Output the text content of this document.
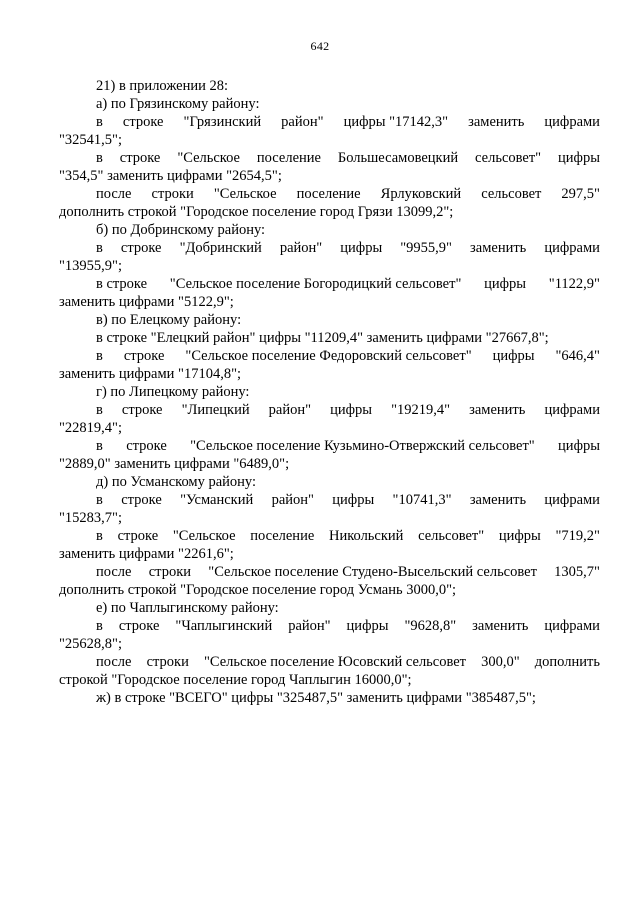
642
21) в приложении 28:
а) по Грязинскому району:
в строке "Грязинский район" цифры "17142,3" заменить цифрами
"32541,5";
в строке "Сельское поселение Большесамовецкий сельсовет" цифры
"354,5" заменить цифрами "2654,5";
после строки "Сельское поселение Ярлуковский сельсовет 297,5"
дополнить строкой "Городское поселение город Грязи 13099,2";
б) по Добринскому району:
в строке "Добринский район" цифры "9955,9" заменить цифрами
"13955,9";
в строке "Сельское поселение Богородицкий сельсовет" цифры "1122,9"
заменить цифрами "5122,9";
в) по Елецкому району:
в строке "Елецкий район" цифры "11209,4" заменить цифрами "27667,8";
в строке "Сельское поселение Федоровский сельсовет" цифры "646,4"
заменить цифрами "17104,8";
г) по Липецкому району:
в строке "Липецкий район" цифры "19219,4" заменить цифрами
"22819,4";
в строке "Сельское поселение Кузьмино-Отвержский сельсовет" цифры
"2889,0" заменить цифрами "6489,0";
д) по Усманскому району:
в строке "Усманский район" цифры "10741,3" заменить цифрами
"15283,7";
в строке "Сельское поселение Никольский сельсовет" цифры "719,2"
заменить цифрами "2261,6";
после строки "Сельское поселение Студено-Высельский сельсовет 1305,7"
дополнить строкой "Городское поселение город Усмань 3000,0";
е) по Чаплыгинскому району:
в строке "Чаплыгинский район" цифры "9628,8" заменить цифрами
"25628,8";
после строки "Сельское поселение Юсовский сельсовет 300,0" дополнить
строкой "Городское поселение город Чаплыгин 16000,0";
ж) в строке "ВСЕГО" цифры "325487,5" заменить цифрами "385487,5";
